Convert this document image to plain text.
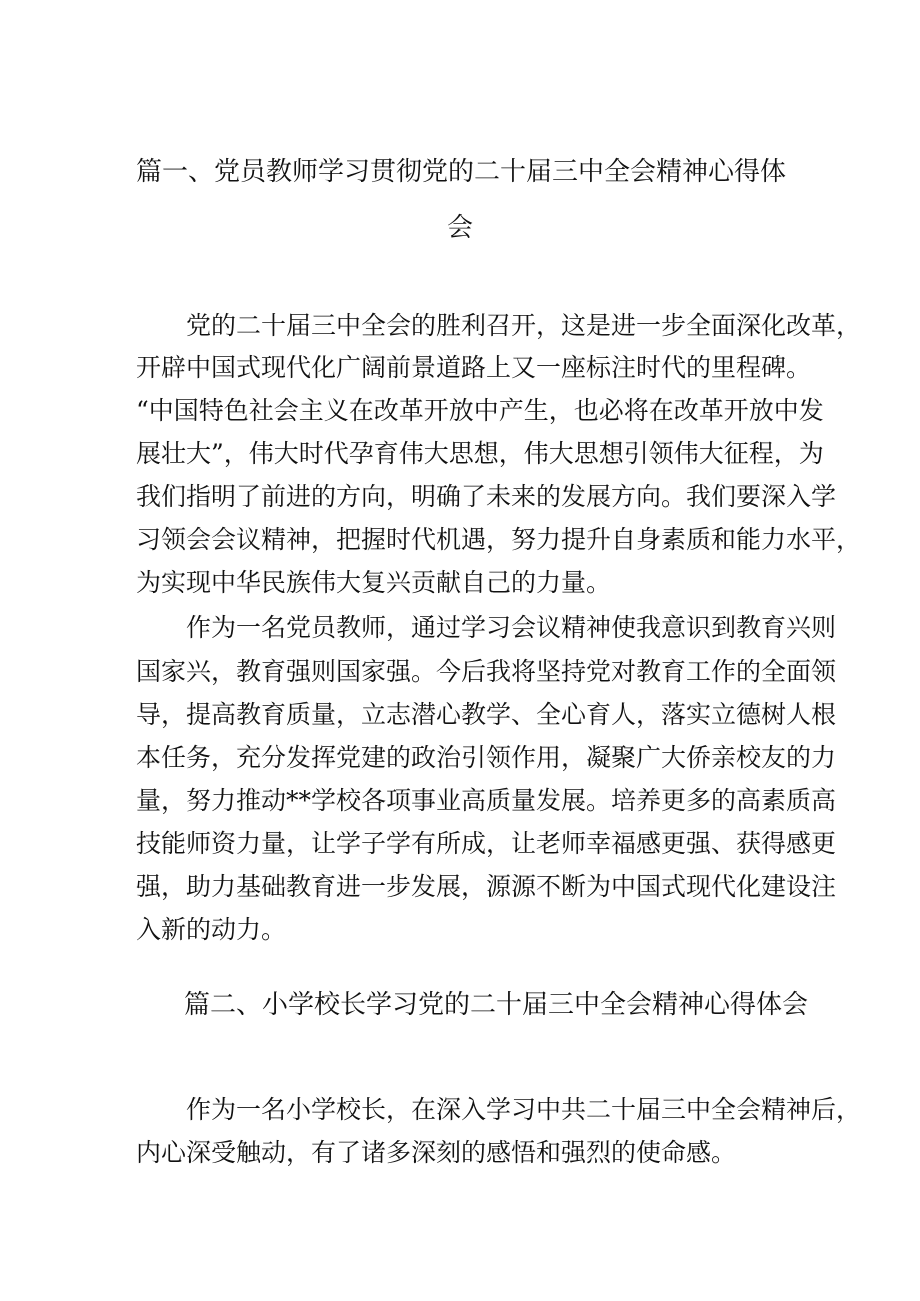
篇一、党员教师学习贯彻党的二十届三中全会精神心得体
会
党的二十届三中全会的胜利召开，这是进一步全面深化改革，
开辟中国式现代化广阔前景道路上又一座标注时代的里程碑。
“中国特色社会主义在改革开放中产生，也必将在改革开放中发
展壮大”，伟大时代孕育伟大思想，伟大思想引领伟大征程，为
我们指明了前进的方向，明确了未来的发展方向。我们要深入学
习领会会议精神，把握时代机遇，努力提升自身素质和能力水平，
为实现中华民族伟大复兴贡献自己的力量。
作为一名党员教师，通过学习会议精神使我意识到教育兴则
国家兴，教育强则国家强。今后我将坚持党对教育工作的全面领
导，提高教育质量，立志潜心教学、全心育人，落实立德树人根
本任务，充分发挥党建的政治引领作用，凝聚广大侨亲校友的力
量，努力推动**学校各项事业高质量发展。培养更多的高素质高
技能师资力量，让学子学有所成，让老师幸福感更强、获得感更
强，助力基础教育进一步发展，源源不断为中国式现代化建设注
入新的动力。
篇二、小学校长学习党的二十届三中全会精神心得体会
作为一名小学校长，在深入学习中共二十届三中全会精神后，
内心深受触动，有了诸多深刻的感悟和强烈的使命感。
